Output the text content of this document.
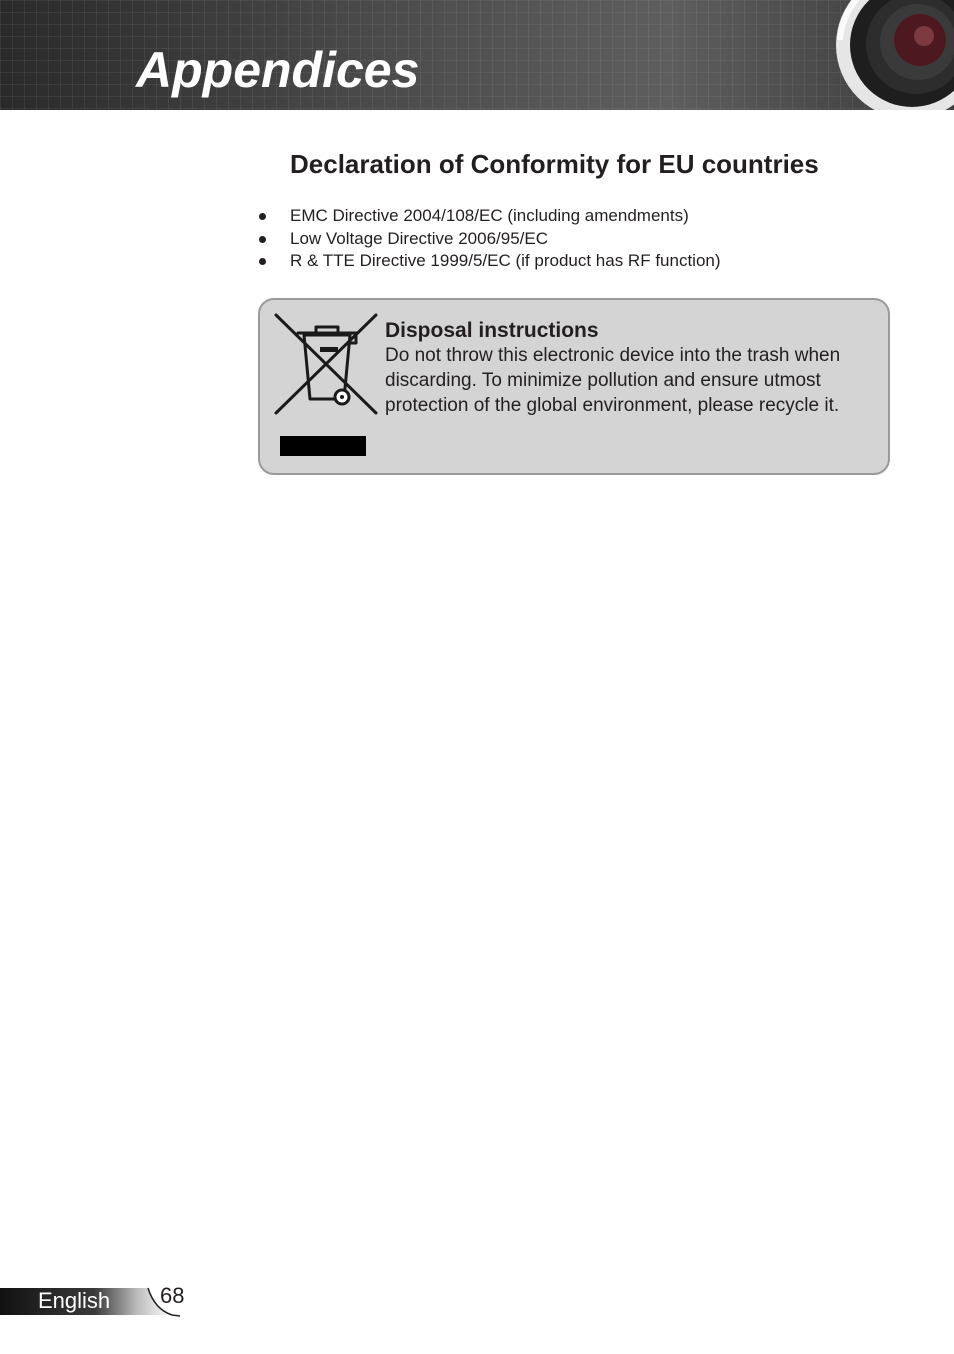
Appendices
Declaration of Conformity for EU countries
EMC Directive 2004/108/EC (including amendments)
Low Voltage Directive 2006/95/EC
R & TTE Directive 1999/5/EC (if product has RF function)
Disposal instructions
Do not throw this electronic device into the trash when discarding. To minimize pollution and ensure utmost protection of the global environment, please recycle it.
English 68
